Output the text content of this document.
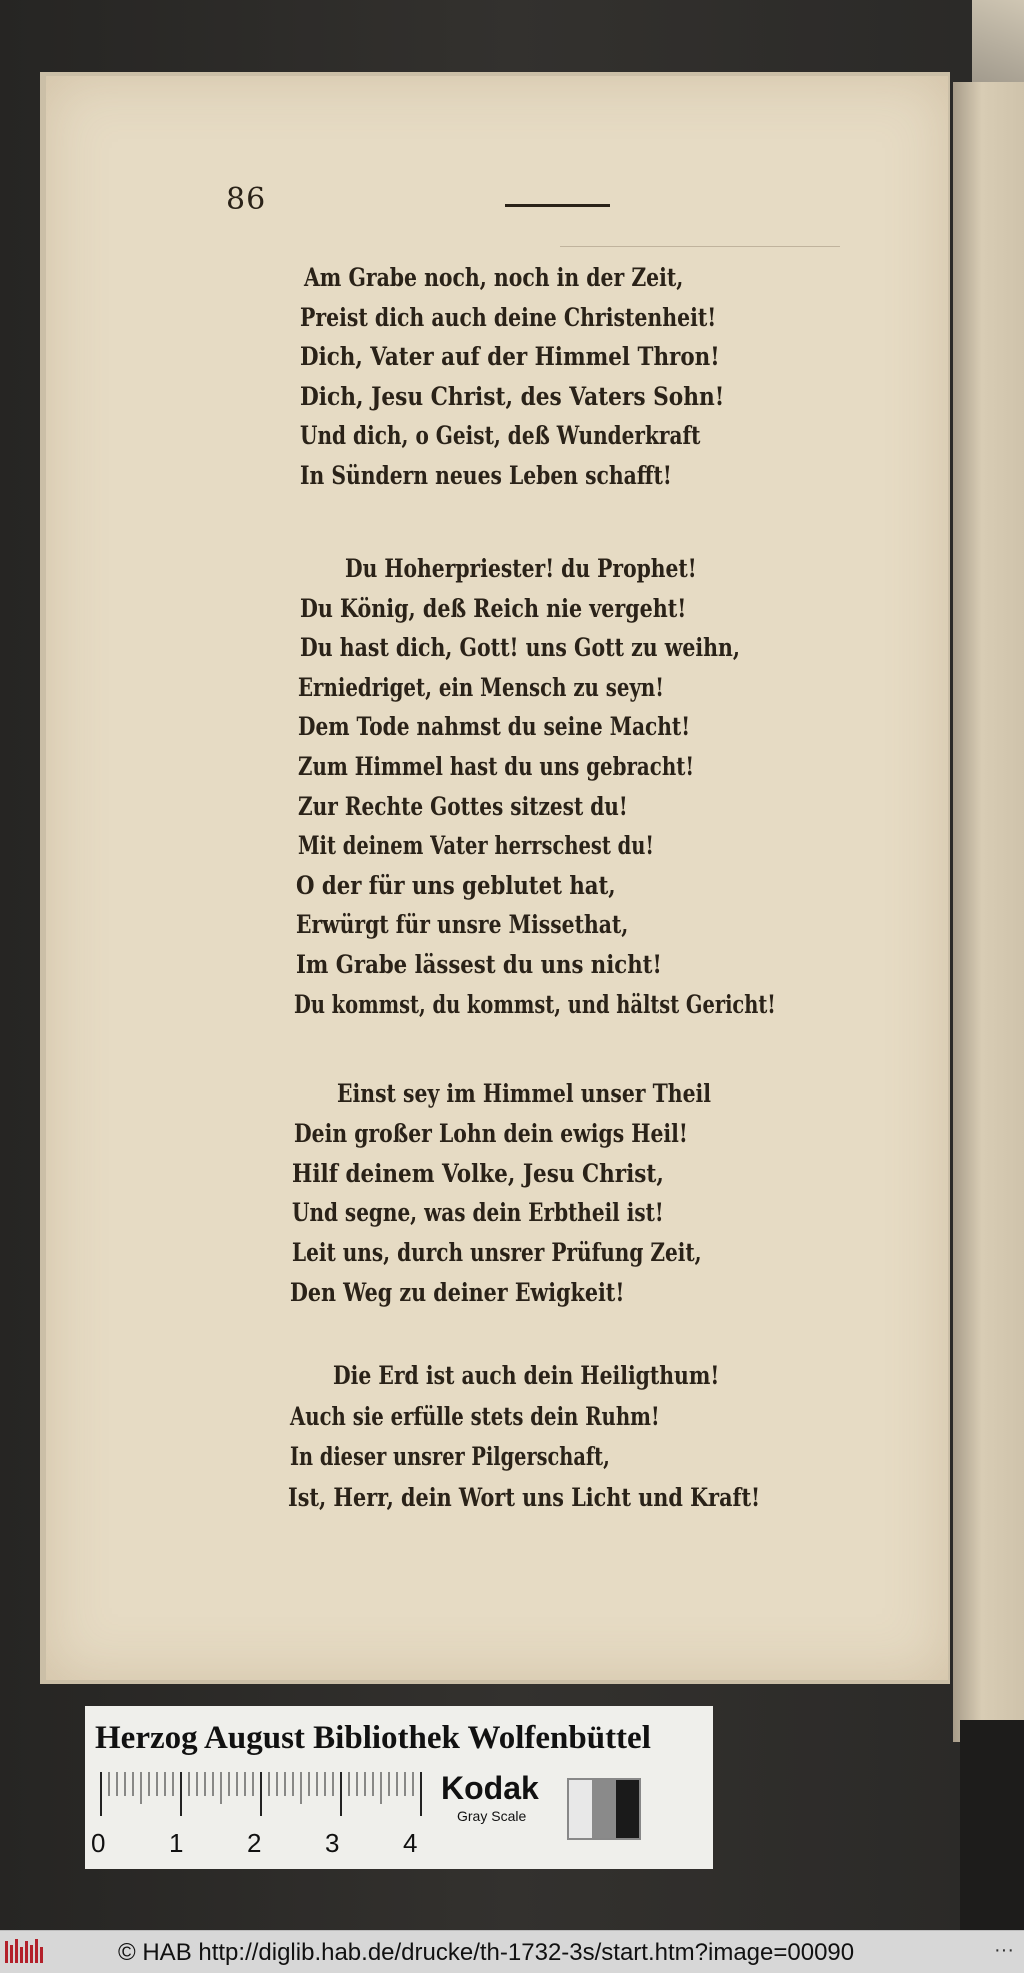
86
Am Grabe noch, noch in der Zeit,
Preist dich auch deine Christenheit!
Dich, Vater auf der Himmel Thron!
Dich, Jesu Christ, des Vaters Sohn!
Und dich, o Geist, deß Wunderkraft
In Sündern neues Leben schafft!
Du Hoherpriester! du Prophet!
Du König, deß Reich nie vergeht!
Du hast dich, Gott! uns Gott zu weihn,
Erniedriget, ein Mensch zu seyn!
Dem Tode nahmst du seine Macht!
Zum Himmel hast du uns gebracht!
Zur Rechte Gottes sitzest du!
Mit deinem Vater herrschest du!
O der für uns geblutet hat,
Erwürgt für unsre Missethat,
Im Grabe lässest du uns nicht!
Du kommst, du kommst, und hältst Gericht!
Einst sey im Himmel unser Theil
Dein großer Lohn dein ewigs Heil!
Hilf deinem Volke, Jesu Christ,
Und segne, was dein Erbtheil ist!
Leit uns, durch unsrer Prüfung Zeit,
Den Weg zu deiner Ewigkeit!
Die Erd ist auch dein Heiligthum!
Auch sie erfülle stets dein Ruhm!
In dieser unsrer Pilgerschaft,
Ist, Herr, dein Wort uns Licht und Kraft!
Herzog August Bibliothek Wolfenbüttel
0 1 2 3 4
Kodak
Gray Scale
© HAB http://diglib.hab.de/drucke/th-1732-3s/start.htm?image=00090	···
